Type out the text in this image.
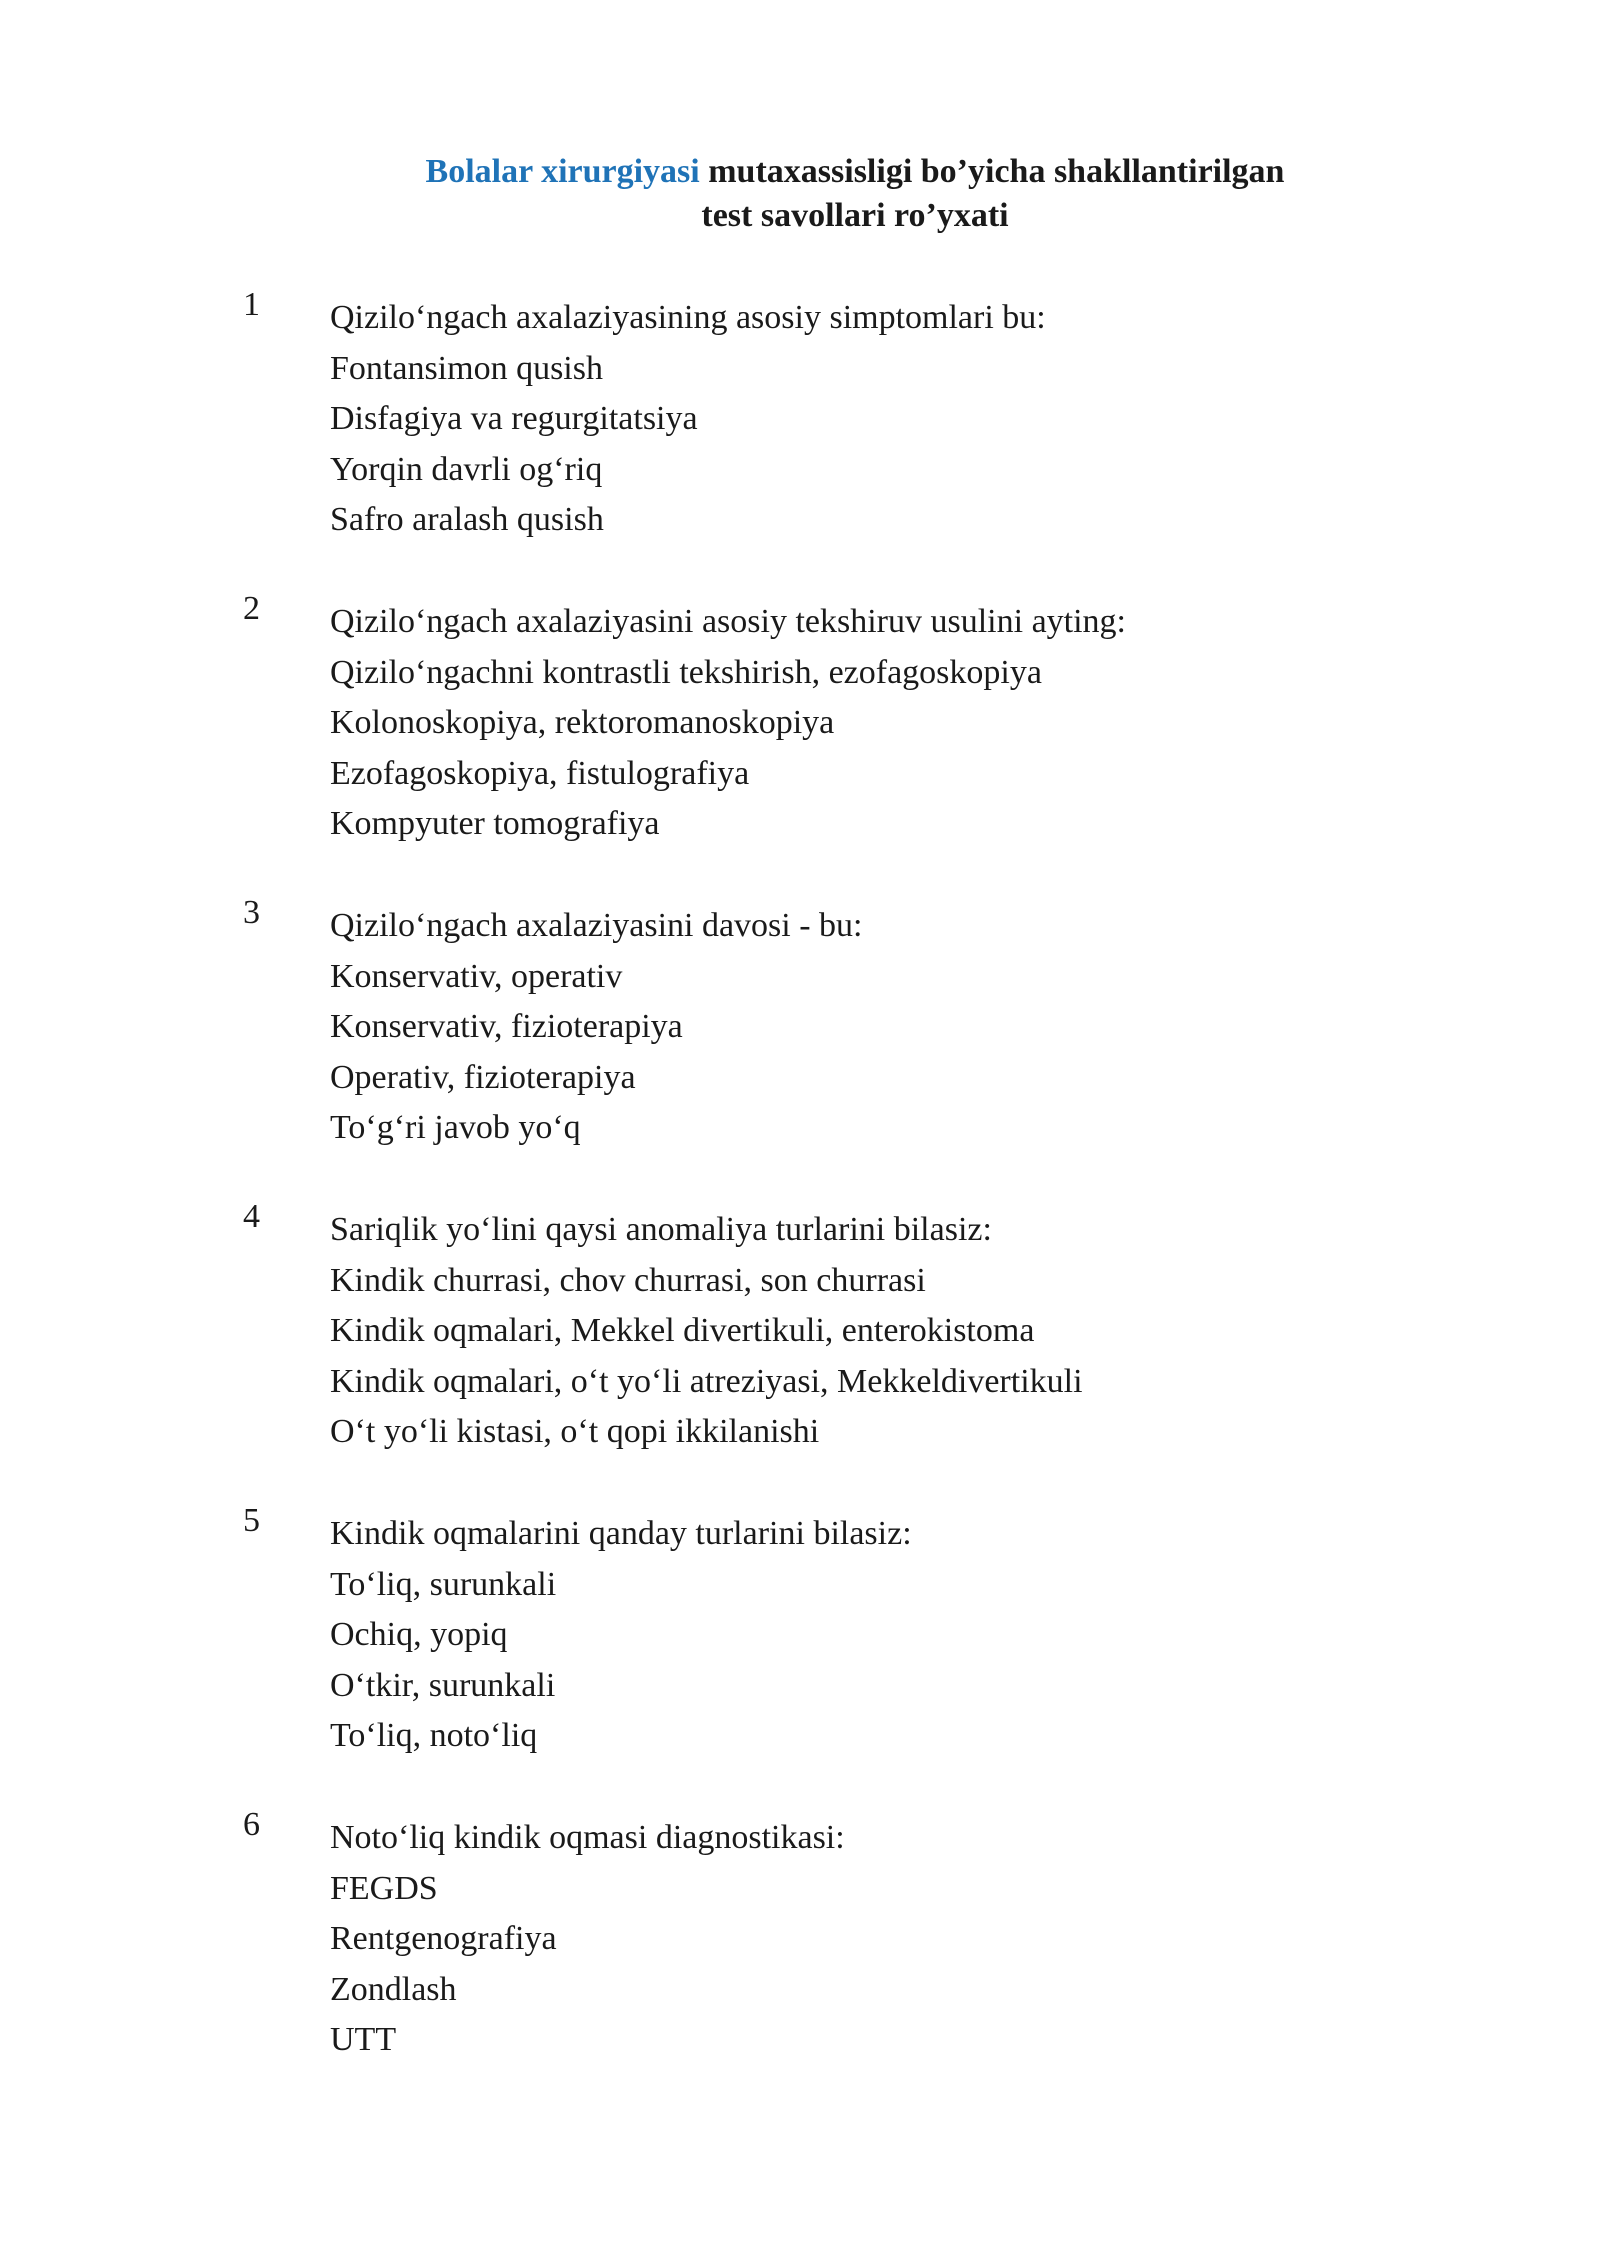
Bolalar xirurgiyasi mutaxassisligi bo’yicha shakllantirilgan
test savollari ro’yxati
1 Qizilo‘ngach axalaziyasining asosiy simptomlari bu:
Fontansimon qusish
Disfagiya va regurgitatsiya
Yorqin davrli og‘riq
Safro aralash qusish
2 Qizilo‘ngach axalaziyasini asosiy tekshiruv usulini ayting:
Qizilo‘ngachni kontrastli tekshirish, ezofagoskopiya
Kolonoskopiya, rektoromanoskopiya
Ezofagoskopiya, fistulografiya
Kompyuter tomografiya
3 Qizilo‘ngach axalaziyasini davosi - bu:
Konservativ, operativ
Konservativ, fizioterapiya
Operativ, fizioterapiya
To‘g‘ri javob yo‘q
4 Sariqlik yo‘lini qaysi anomaliya turlarini bilasiz:
Kindik churrasi, chov churrasi, son churrasi
Kindik oqmalari, Mekkel divertikuli, enterokistoma
Kindik oqmalari, o‘t yo‘li atreziyasi, Mekkeldivertikuli
O‘t yo‘li kistasi, o‘t qopi ikkilanishi
5 Kindik oqmalarini qanday turlarini bilasiz:
To‘liq, surunkali
Ochiq, yopiq
O‘tkir, surunkali
To‘liq, noto‘liq
6 Noto‘liq kindik oqmasi diagnostikasi:
FEGDS
Rentgenografiya
Zondlash
UTT
